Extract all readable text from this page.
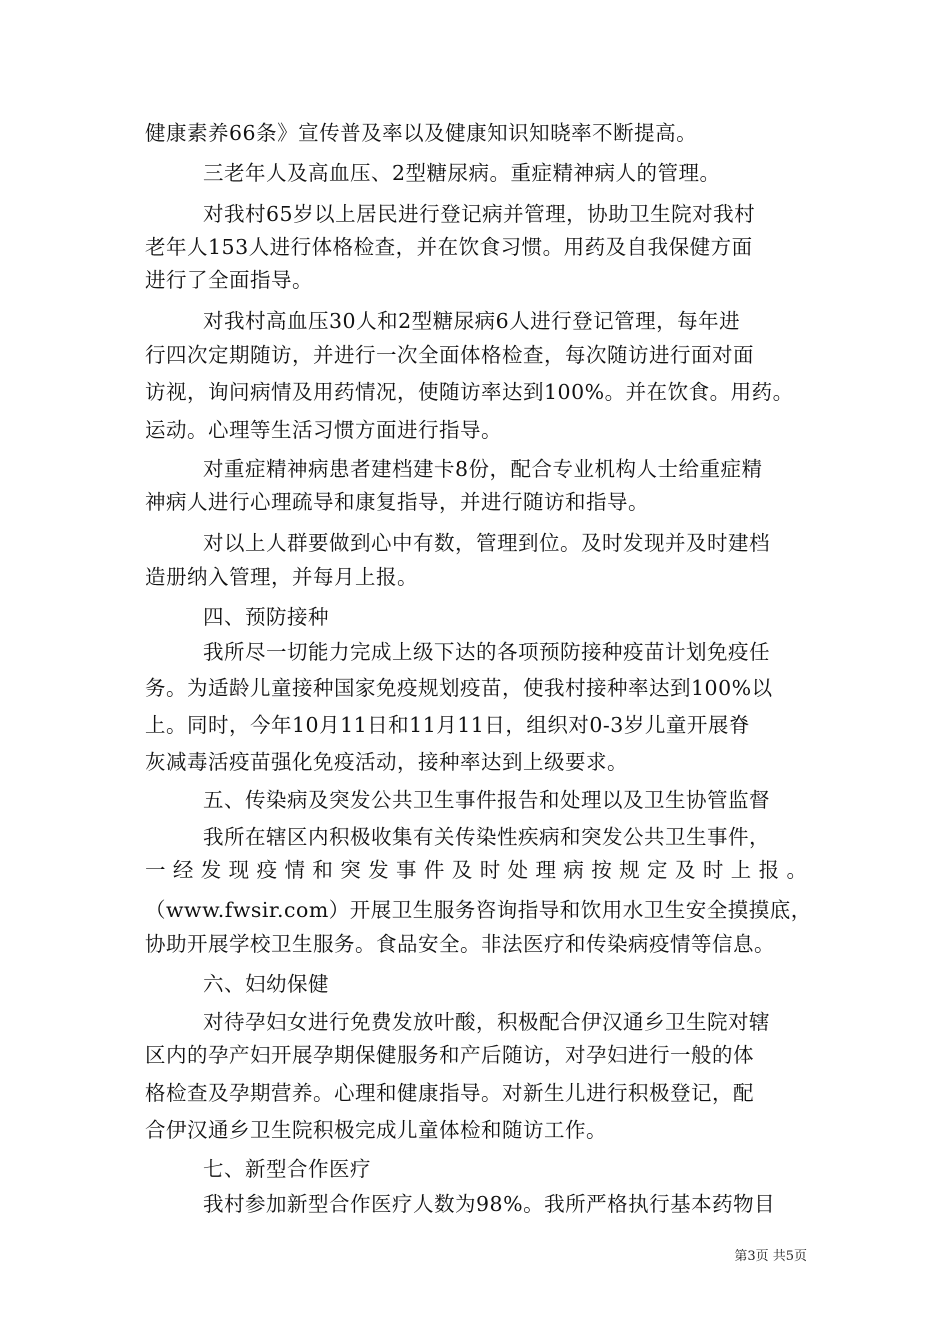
健康素养66条》宣传普及率以及健康知识知晓率不断提高。
三老年人及高血压、2型糖尿病。重症精神病人的管理。
对我村65岁以上居民进行登记病并管理，协助卫生院对我村
老年人153人进行体格检查，并在饮食习惯。用药及自我保健方面
进行了全面指导。
对我村高血压30人和2型糖尿病6人进行登记管理，每年进
行四次定期随访，并进行一次全面体格检查，每次随访进行面对面
访视，询问病情及用药情况，使随访率达到100%。并在饮食。用药。
运动。心理等生活习惯方面进行指导。
对重症精神病患者建档建卡8份，配合专业机构人士给重症精
神病人进行心理疏导和康复指导，并进行随访和指导。
对以上人群要做到心中有数，管理到位。及时发现并及时建档
造册纳入管理，并每月上报。
四、预防接种
我所尽一切能力完成上级下达的各项预防接种疫苗计划免疫任
务。为适龄儿童接种国家免疫规划疫苗，使我村接种率达到100%以
上。同时，今年10月11日和11月11日，组织对0-3岁儿童开展脊
灰减毒活疫苗强化免疫活动，接种率达到上级要求。
五、传染病及突发公共卫生事件报告和处理以及卫生协管监督
我所在辖区内积极收集有关传染性疾病和突发公共卫生事件，
一经发现疫情和突发事件及时处理病按规定及时上报。
（www.fwsir.com）开展卫生服务咨询指导和饮用水卫生安全摸摸底，
协助开展学校卫生服务。食品安全。非法医疗和传染病疫情等信息。
六、妇幼保健
对待孕妇女进行免费发放叶酸，积极配合伊汉通乡卫生院对辖
区内的孕产妇开展孕期保健服务和产后随访，对孕妇进行一般的体
格检查及孕期营养。心理和健康指导。对新生儿进行积极登记，配
合伊汉通乡卫生院积极完成儿童体检和随访工作。
七、新型合作医疗
我村参加新型合作医疗人数为98%。我所严格执行基本药物目
第3页 共5页
